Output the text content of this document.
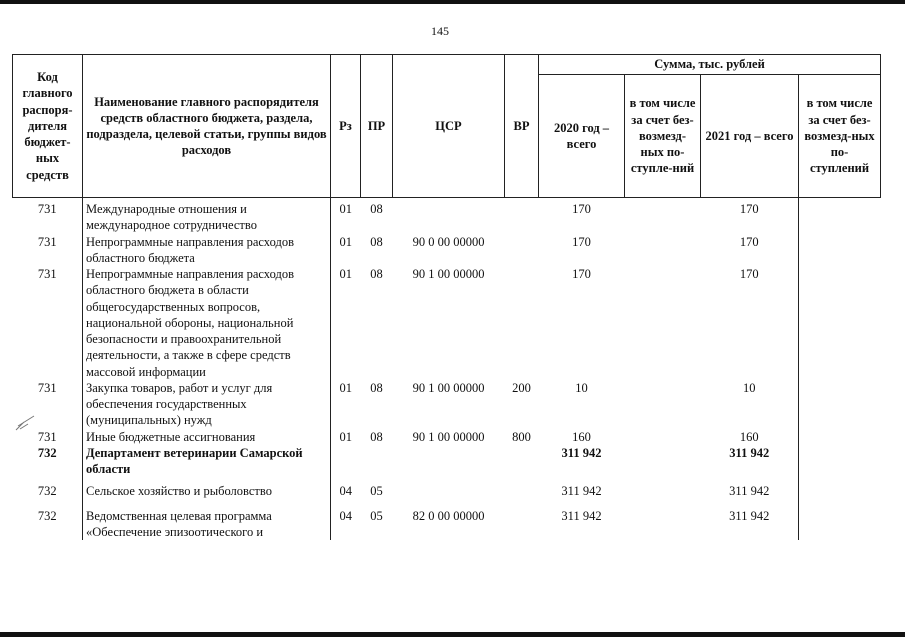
145
Код главного распоря-дителя бюджет-ных средств	Наименование главного распорядителя средств областного бюджета, раздела, подраздела, целевой статьи, группы видов расходов	Рз	ПР	ЦСР	ВР	Сумма, тыс. рублей			
						2020 год – всего	в том числе за счет без-возмезд-ных по-ступле-ний	2021 год – всего	в том числе за счет без-возмезд-ных по-ступлений
731	Международные отношения и международное сотрудничество	01	08			170		170	
731	Непрограммные направления расходов областного бюджета	01	08	90 0 00 00000		170		170	
731	Непрограммные направления расходов областного бюджета в области общегосударственных вопросов, национальной обороны, национальной безопасности и правоохранительной деятельности, а также в сфере средств массовой информации	01	08	90 1 00 00000		170		170	
731	Закупка товаров, работ и услуг для обеспечения государственных (муниципальных) нужд	01	08	90 1 00 00000	200	10		10	
731	Иные бюджетные ассигнования	01	08	90 1 00 00000	800	160		160	
732	Департамент ветеринарии Самарской области					311 942		311 942	
732	Сельское хозяйство и рыболовство	04	05			311 942		311 942	
732	Ведомственная целевая программа «Обеспечение эпизоотического и	04	05	82 0 00 00000		311 942		311 942	
